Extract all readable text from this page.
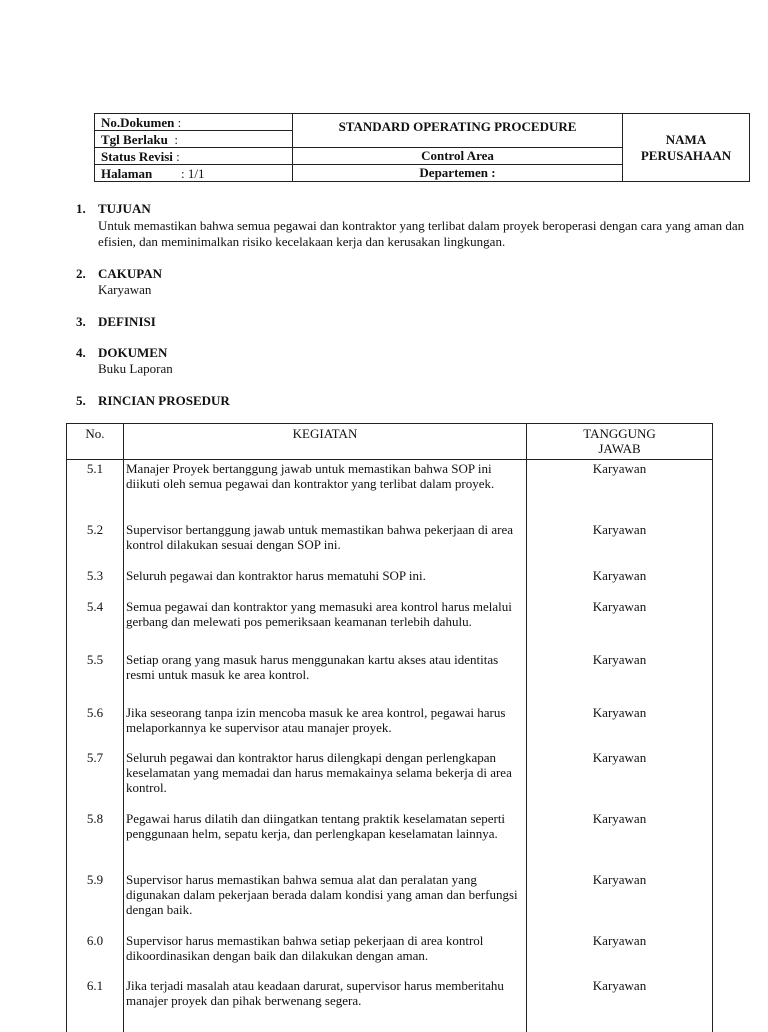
No.Dokumen :	STANDARD OPERATING PROCEDURE	NAMA
PERUSAHAAN
Tgl Berlaku :		
Status Revisi :	Control Area	
Halaman : 1/1	Departemen :	
1. TUJUAN
Untuk memastikan bahwa semua pegawai dan kontraktor yang terlibat dalam proyek beroperasi dengan cara yang aman dan efisien, dan meminimalkan risiko kecelakaan kerja dan kerusakan lingkungan.
2. CAKUPAN
Karyawan
3. DEFINISI
4. DOKUMEN
Buku Laporan
5. RINCIAN PROSEDUR
No.	KEGIATAN	TANGGUNG
JAWAB
5.1	Manajer Proyek bertanggung jawab untuk memastikan bahwa SOP ini diikuti oleh semua pegawai dan kontraktor yang terlibat dalam proyek.	Karyawan
5.2	Supervisor bertanggung jawab untuk memastikan bahwa pekerjaan di area kontrol dilakukan sesuai dengan SOP ini.	Karyawan
5.3	Seluruh pegawai dan kontraktor harus mematuhi SOP ini.	Karyawan
5.4	Semua pegawai dan kontraktor yang memasuki area kontrol harus melalui gerbang dan melewati pos pemeriksaan keamanan terlebih dahulu.	Karyawan
5.5	Setiap orang yang masuk harus menggunakan kartu akses atau identitas resmi untuk masuk ke area kontrol.	Karyawan
5.6	Jika seseorang tanpa izin mencoba masuk ke area kontrol, pegawai harus melaporkannya ke supervisor atau manajer proyek.	Karyawan
5.7	Seluruh pegawai dan kontraktor harus dilengkapi dengan perlengkapan keselamatan yang memadai dan harus memakainya selama bekerja di area kontrol.	Karyawan
5.8	Pegawai harus dilatih dan diingatkan tentang praktik keselamatan seperti penggunaan helm, sepatu kerja, dan perlengkapan keselamatan lainnya.	Karyawan
5.9	Supervisor harus memastikan bahwa semua alat dan peralatan yang digunakan dalam pekerjaan berada dalam kondisi yang aman dan berfungsi dengan baik.	Karyawan
6.0	Supervisor harus memastikan bahwa setiap pekerjaan di area kontrol dikoordinasikan dengan baik dan dilakukan dengan aman.	Karyawan
6.1	Jika terjadi masalah atau keadaan darurat, supervisor harus memberitahu manajer proyek dan pihak berwenang segera.	Karyawan
